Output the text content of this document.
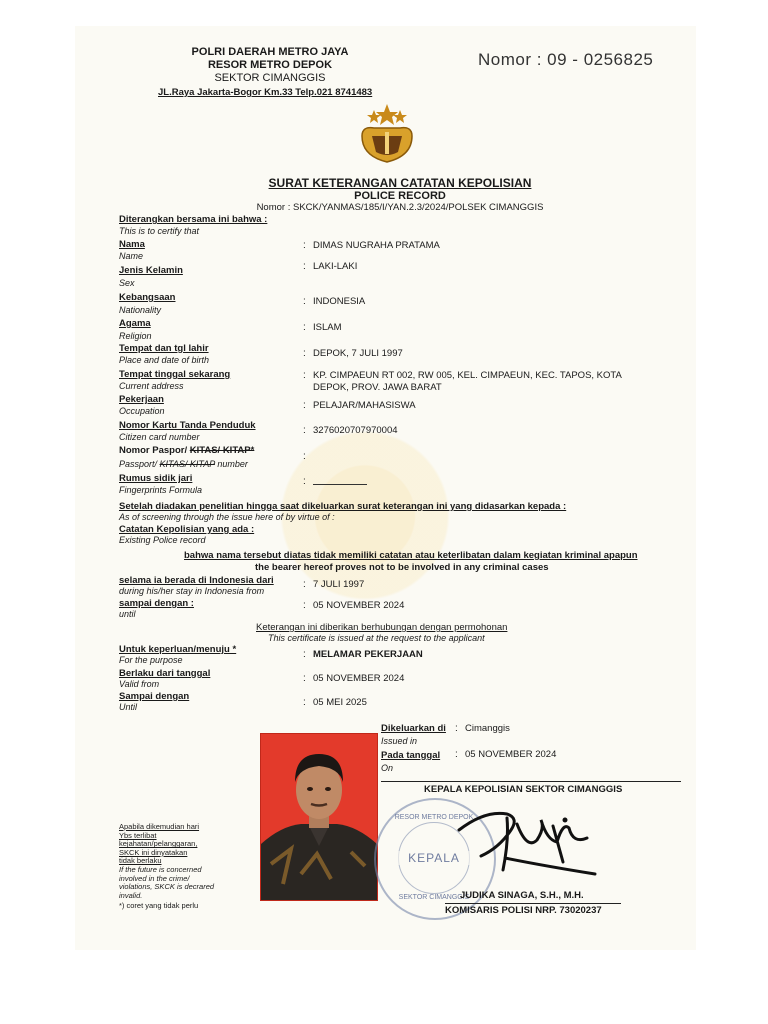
POLRI DAERAH METRO JAYA
RESOR METRO DEPOK
SEKTOR CIMANGGIS
JL.Raya Jakarta-Bogor Km.33 Telp.021 8741483
Nomor : 09 - 0256825
SURAT KETERANGAN CATATAN KEPOLISIAN
POLICE RECORD
Nomor : SKCK/YANMAS/185/I/YAN.2.3/2024/POLSEK CIMANGGIS
Diterangkan bersama ini bahwa :
This is to certify that
Nama
Name
: DIMAS NUGRAHA PRATAMA
Jenis Kelamin
Sex
: LAKI-LAKI
Kebangsaan
Nationality
: INDONESIA
Agama
Religion
: ISLAM
Tempat dan tgl lahir
Place and date of birth
: DEPOK, 7 JULI 1997
Tempat tinggal sekarang
Current address
: KP. CIMPAEUN RT 002, RW 005, KEL. CIMPAEUN, KEC. TAPOS, KOTA
DEPOK, PROV. JAWA BARAT
Pekerjaan
Occupation	: PELAJAR/MAHASISWA
Nomor Kartu Tanda Penduduk
Citizen card number
: 3276020707970004
Nomor Paspor/ KITAS/ KITAP*
Passport/ KITAS/ KITAP number
:
Rumus sidik jari
Fingerprints Formula
:
Setelah diadakan penelitian hingga saat dikeluarkan surat keterangan ini yang didasarkan kepada :
As of screening through the issue here of by virtue of :
Catatan Kepolisian yang ada :
Existing Police record
bahwa nama tersebut diatas tidak memiliki catatan atau keterlibatan dalam kegiatan kriminal apapun
the bearer hereof proves not to be involved in any criminal cases
selama ia berada di Indonesia dari
during his/her stay in Indonesia from
: 7 JULI 1997
sampai dengan :
until
: 05 NOVEMBER 2024
Keterangan ini diberikan berhubungan dengan permohonan
This certificate is issued at the request to the applicant
Untuk keperluan/menuju *
For the purpose	: MELAMAR PEKERJAAN
Berlaku dari tanggal
Valid from	: 05 NOVEMBER 2024
Sampai dengan
Until	: 05 MEI 2025
Dikeluarkan di
Issued in
: Cimanggis
Pada tanggal
On
: 05 NOVEMBER 2024
KEPALA KEPOLISIAN SEKTOR CIMANGGIS
RESOR METRO DEPOK
KEPALA
SEKTOR CIMANGGIS
JUDIKA SINAGA, S.H., M.H.
KOMISARIS POLISI NRP. 73020237
Apabila dikemudian hari
Ybs terlibat
kejahatan/pelanggaran,
SKCK ini dinyatakan
tidak berlaku
If the future is concerned
involved in the crime/
violations, SKCK is decrared
invalid.
*) coret yang tidak perlu
